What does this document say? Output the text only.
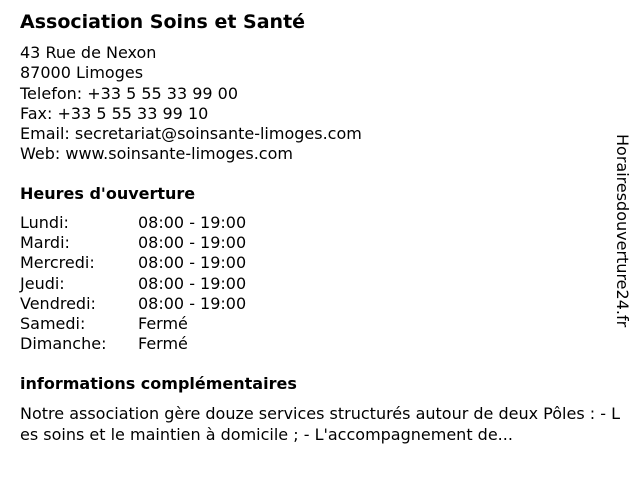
Association Soins et Santé
43 Rue de Nexon
87000 Limoges
Telefon: +33 5 55 33 99 00
Fax: +33 5 55 33 99 10
Email: secretariat@soinsante-limoges.com
Web: www.soinsante-limoges.com
Heures d'ouverture
Lundi:	08:00 - 19:00
Mardi:	08:00 - 19:00
Mercredi:	08:00 - 19:00
Jeudi:	08:00 - 19:00
Vendredi:	08:00 - 19:00
Samedi:	Fermé
Dimanche:	Fermé
informations complémentaires
Notre association gère douze services structurés autour de deux Pôles : - Les soins et le maintien à domicile ; - L'accompagnement de...
Horairesdouverture24.fr
